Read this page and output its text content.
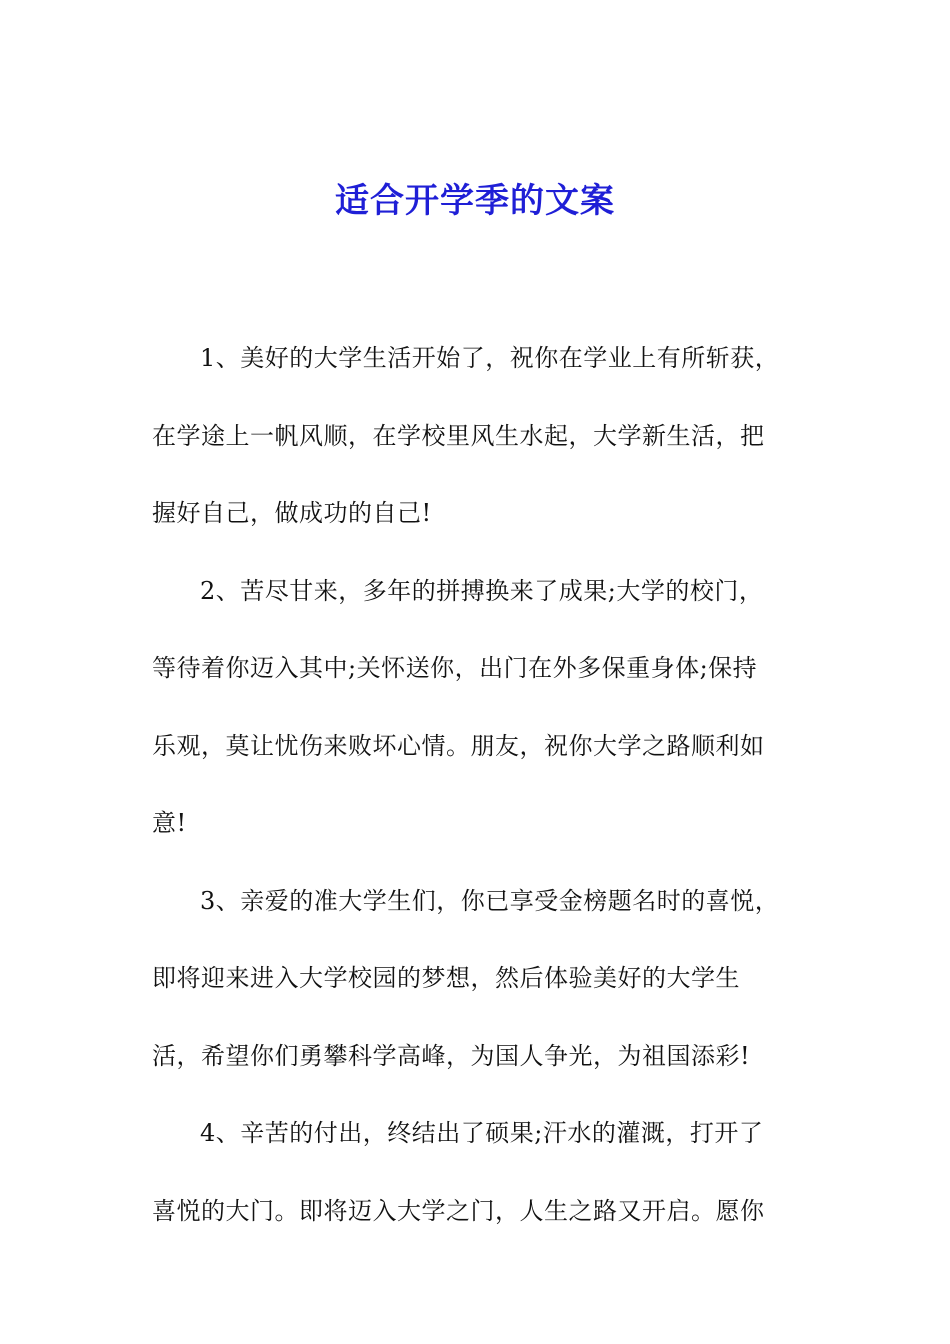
适合开学季的文案
1、美好的大学生活开始了，祝你在学业上有所斩获，
在学途上一帆风顺，在学校里风生水起，大学新生活，把
握好自己，做成功的自己!
2、苦尽甘来，多年的拼搏换来了成果;大学的校门，
等待着你迈入其中;关怀送你，出门在外多保重身体;保持
乐观，莫让忧伤来败坏心情。朋友，祝你大学之路顺利如
意!
3、亲爱的准大学生们，你已享受金榜题名时的喜悦，
即将迎来进入大学校园的梦想，然后体验美好的大学生
活，希望你们勇攀科学高峰，为国人争光，为祖国添彩!
4、辛苦的付出，终结出了硕果;汗水的灌溉，打开了
喜悦的大门。即将迈入大学之门，人生之路又开启。愿你
